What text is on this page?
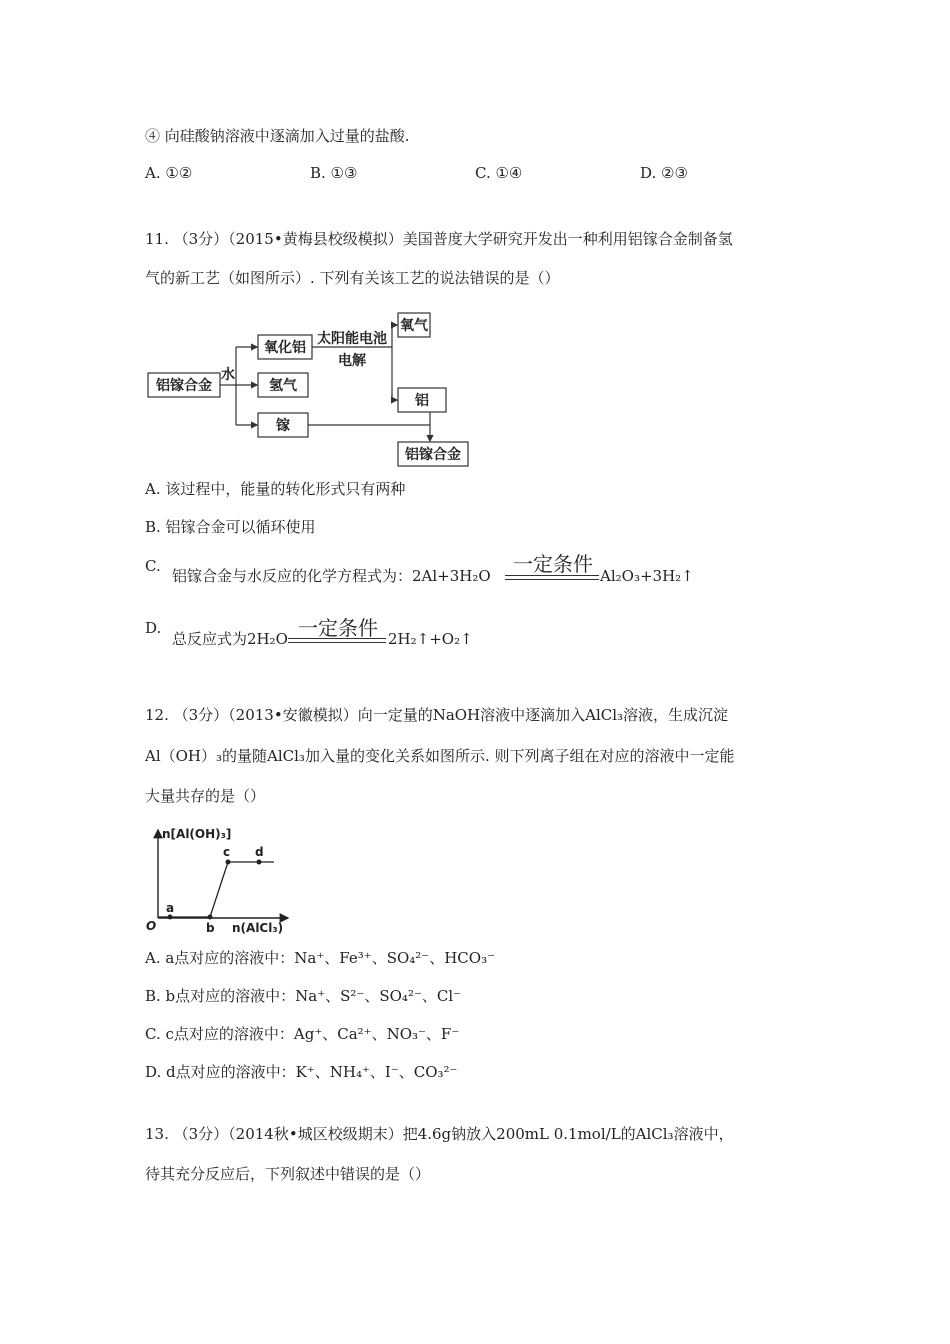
④ 向硅酸钠溶液中逐滴加入过量的盐酸.
A. ①②	B. ①③	C. ①④	D. ②③
11. （3分）（2015•黄梅县校级模拟）美国普度大学研究开发出一种利用铝镓合金制备氢
气的新工艺（如图所示）. 下列有关该工艺的说法错误的是（）
铝镓合金
水
氧化铝
氢气
镓
太阳能电池
电解
氧气
铝
铝镓合金
A. 该过程中，能量的转化形式只有两种
B. 铝镓合金可以循环使用
C.
铝镓合金与水反应的化学方程式为：2Al+3H₂O 一定条件 Al₂O₃+3H₂↑
D.
总反应式为2H₂O 一定条件 2H₂↑+O₂↑
12. （3分）（2013•安徽模拟）向一定量的NaOH溶液中逐滴加入AlCl₃溶液，生成沉淀
Al（OH）₃的量随AlCl₃加入量的变化关系如图所示. 则下列离子组在对应的溶液中一定能
大量共存的是（）
n[Al(OH)₃]
n(AlCl₃)
O
a
b
c d
A. a点对应的溶液中：Na⁺、Fe³⁺、SO₄²⁻、HCO₃⁻
B. b点对应的溶液中：Na⁺、S²⁻、SO₄²⁻、Cl⁻
C. c点对应的溶液中：Ag⁺、Ca²⁺、NO₃⁻、F⁻
D. d点对应的溶液中：K⁺、NH₄⁺、I⁻、CO₃²⁻
13. （3分）（2014秋•城区校级期末）把4.6g钠放入200mL 0.1mol/L的AlCl₃溶液中，
待其充分反应后，下列叙述中错误的是（）
